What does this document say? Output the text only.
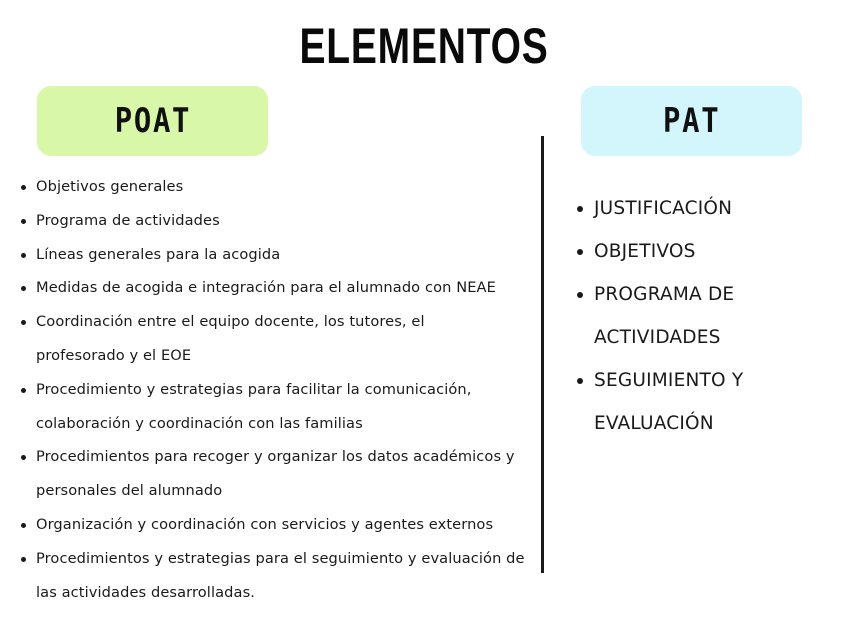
ELEMENTOS
POAT	PAT
Objetivos generales
Programa de actividades
Líneas generales para la acogida
Medidas de acogida e integración para el alumnado con NEAE
Coordinación entre el equipo docente, los tutores, el profesorado y el EOE
Procedimiento y estrategias para facilitar la comunicación, colaboración y coordinación con las familias
Procedimientos para recoger y organizar los datos académicos y personales del alumnado
Organización y coordinación con servicios y agentes externos
Procedimientos y estrategias para el seguimiento y evaluación de las actividades desarrolladas.
JUSTIFICACIÓN
OBJETIVOS
PROGRAMA DE ACTIVIDADES
SEGUIMIENTO Y EVALUACIÓN
